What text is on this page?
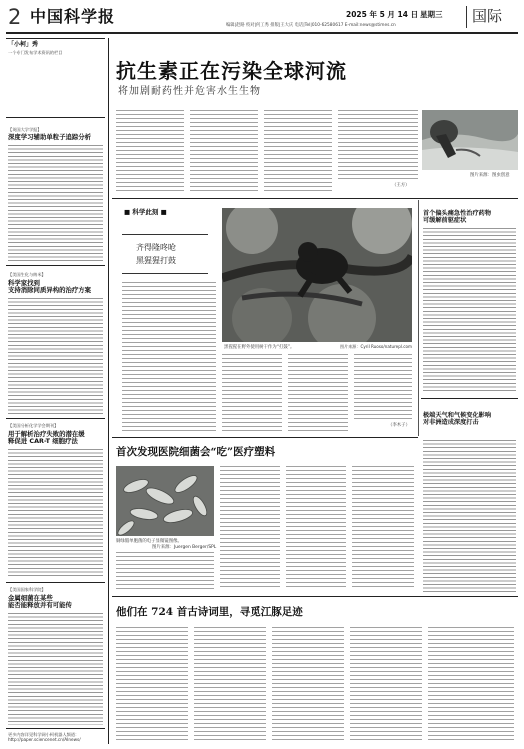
2 中国科学报	2025 年 5 月 14 日 星期三 国际
编辑|赵路 校对|何工秀 排版|王大庆 电话|Tel|010-62580617 E-mail:news@stimes.cn
「小柯」秀
一个专门发布学术资讯的栏目
【英国大学学报】
深度学习辅助单粒子追踪分析
【美国生化与纳米】
科学家找到
支持消除同质异构的治疗方案
【美国分析化学学会期刊】
用于解析治疗失败的潜在缓
释促进 CAR-T 细胞疗法
【美国国家科学院】
金属细菌在某些
能否能释放并有可能传
更多内容详见科学网小柯机器人频道：
http://paper.sciencenet.cn/AInews/
抗生素正在污染全球河流
将加剧耐药性并危害水生生物
（王方）
图片来源：图虫创意
■ 科学此刻 ■
齐得隆咚呛
黑猩猩打鼓
黑猩猩在野外使用树干作为“打鼓”。	图片来源：Cyril Ruoso/naturepl.com
（李木子）
首个偏头痛急性治疗药物
可缓解前驱症状
极端天气和气候变化影响
对非洲造成深度打击
首次发现医院细菌会“吃”医疗塑料
铜绿假单胞菌的电子显微镜图像。
图片来源：Juergen Berger/SPL
他们在 724 首古诗词里，寻觅江豚足迹
